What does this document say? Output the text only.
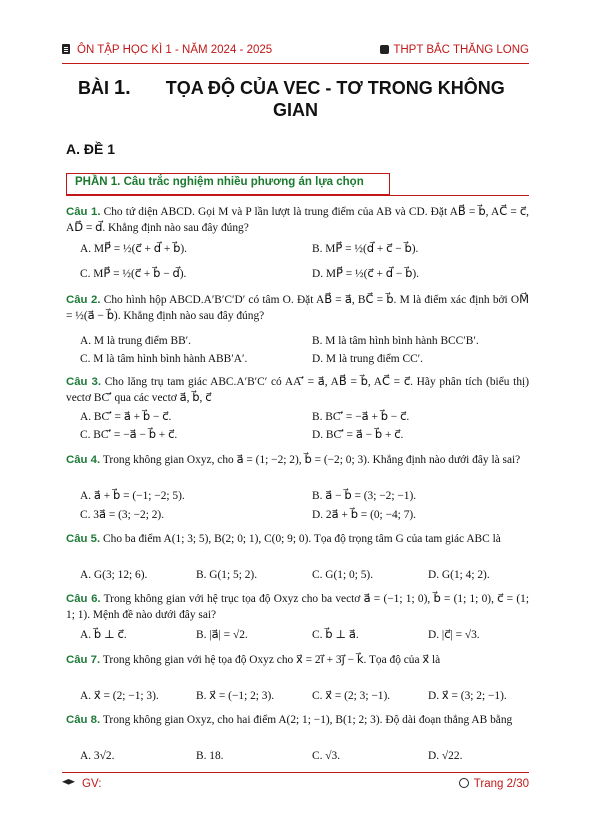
ÔN TẬP HỌC KÌ 1 - NĂM 2024 - 2025	THPT BẮC THĂNG LONG
BÀI 1. TỌA ĐỘ CỦA VEC - TƠ TRONG KHÔNG
GIAN
A. ĐỀ 1
PHẦN 1. Câu trắc nghiệm nhiều phương án lựa chọn
Câu 1. Cho tứ diện ABCD. Gọi M và P lần lượt là trung điểm của AB và CD. Đặt AB⃗ = b⃗, AC⃗ = c⃗, AD⃗ = d⃗. Khẳng định nào sau đây đúng?
A. MP⃗ = ½(c⃗ + d⃗ + b⃗).	B. MP⃗ = ½(d⃗ + c⃗ − b⃗).
C. MP⃗ = ½(c⃗ + b⃗ − d⃗).	D. MP⃗ = ½(c⃗ + d⃗ − b⃗).
Câu 2. Cho hình hộp ABCD.A′B′C′D′ có tâm O. Đặt AB⃗ = a⃗, BC⃗ = b⃗. M là điểm xác định bởi OM⃗ = ½(a⃗ − b⃗). Khẳng định nào sau đây đúng?
A. M là trung điểm BB′.	B. M là tâm hình bình hành BCC′B′.
C. M là tâm hình bình hành ABB′A′.	D. M là trung điểm CC′.
Câu 3. Cho lăng trụ tam giác ABC.A′B′C′ có AA′⃗ = a⃗, AB⃗ = b⃗, AC⃗ = c⃗. Hãy phân tích (biểu thị) vectơ BC′⃗ qua các vectơ a⃗, b⃗, c⃗
A. BC′⃗ = a⃗ + b⃗ − c⃗.	B. BC′⃗ = −a⃗ + b⃗ − c⃗.
C. BC′⃗ = −a⃗ − b⃗ + c⃗.	D. BC′⃗ = a⃗ − b⃗ + c⃗.
Câu 4. Trong không gian Oxyz, cho a⃗ = (1; −2; 2), b⃗ = (−2; 0; 3). Khẳng định nào dưới đây là sai?
A. a⃗ + b⃗ = (−1; −2; 5).	B. a⃗ − b⃗ = (3; −2; −1).
C. 3a⃗ = (3; −2; 2).	D. 2a⃗ + b⃗ = (0; −4; 7).
Câu 5. Cho ba điểm A(1; 3; 5), B(2; 0; 1), C(0; 9; 0). Tọa độ trọng tâm G của tam giác ABC là
A. G(3; 12; 6).	B. G(1; 5; 2).	C. G(1; 0; 5).	D. G(1; 4; 2).
Câu 6. Trong không gian với hệ trục tọa độ Oxyz cho ba vectơ a⃗ = (−1; 1; 0), b⃗ = (1; 1; 0), c⃗ = (1; 1; 1). Mệnh đề nào dưới đây sai?
A. b⃗ ⊥ c⃗.	B. |a⃗| = √2.	C. b⃗ ⊥ a⃗.	D. |c⃗| = √3.
Câu 7. Trong không gian với hệ tọa độ Oxyz cho x⃗ = 2i⃗ + 3j⃗ − k⃗. Tọa độ của x⃗ là
A. x⃗ = (2; −1; 3).	B. x⃗ = (−1; 2; 3).	C. x⃗ = (2; 3; −1).	D. x⃗ = (3; 2; −1).
Câu 8. Trong không gian Oxyz, cho hai điểm A(2; 1; −1), B(1; 2; 3). Độ dài đoạn thẳng AB bằng
A. 3√2.	B. 18.	C. √3.	D. √22.
GV:	Trang 2/30
